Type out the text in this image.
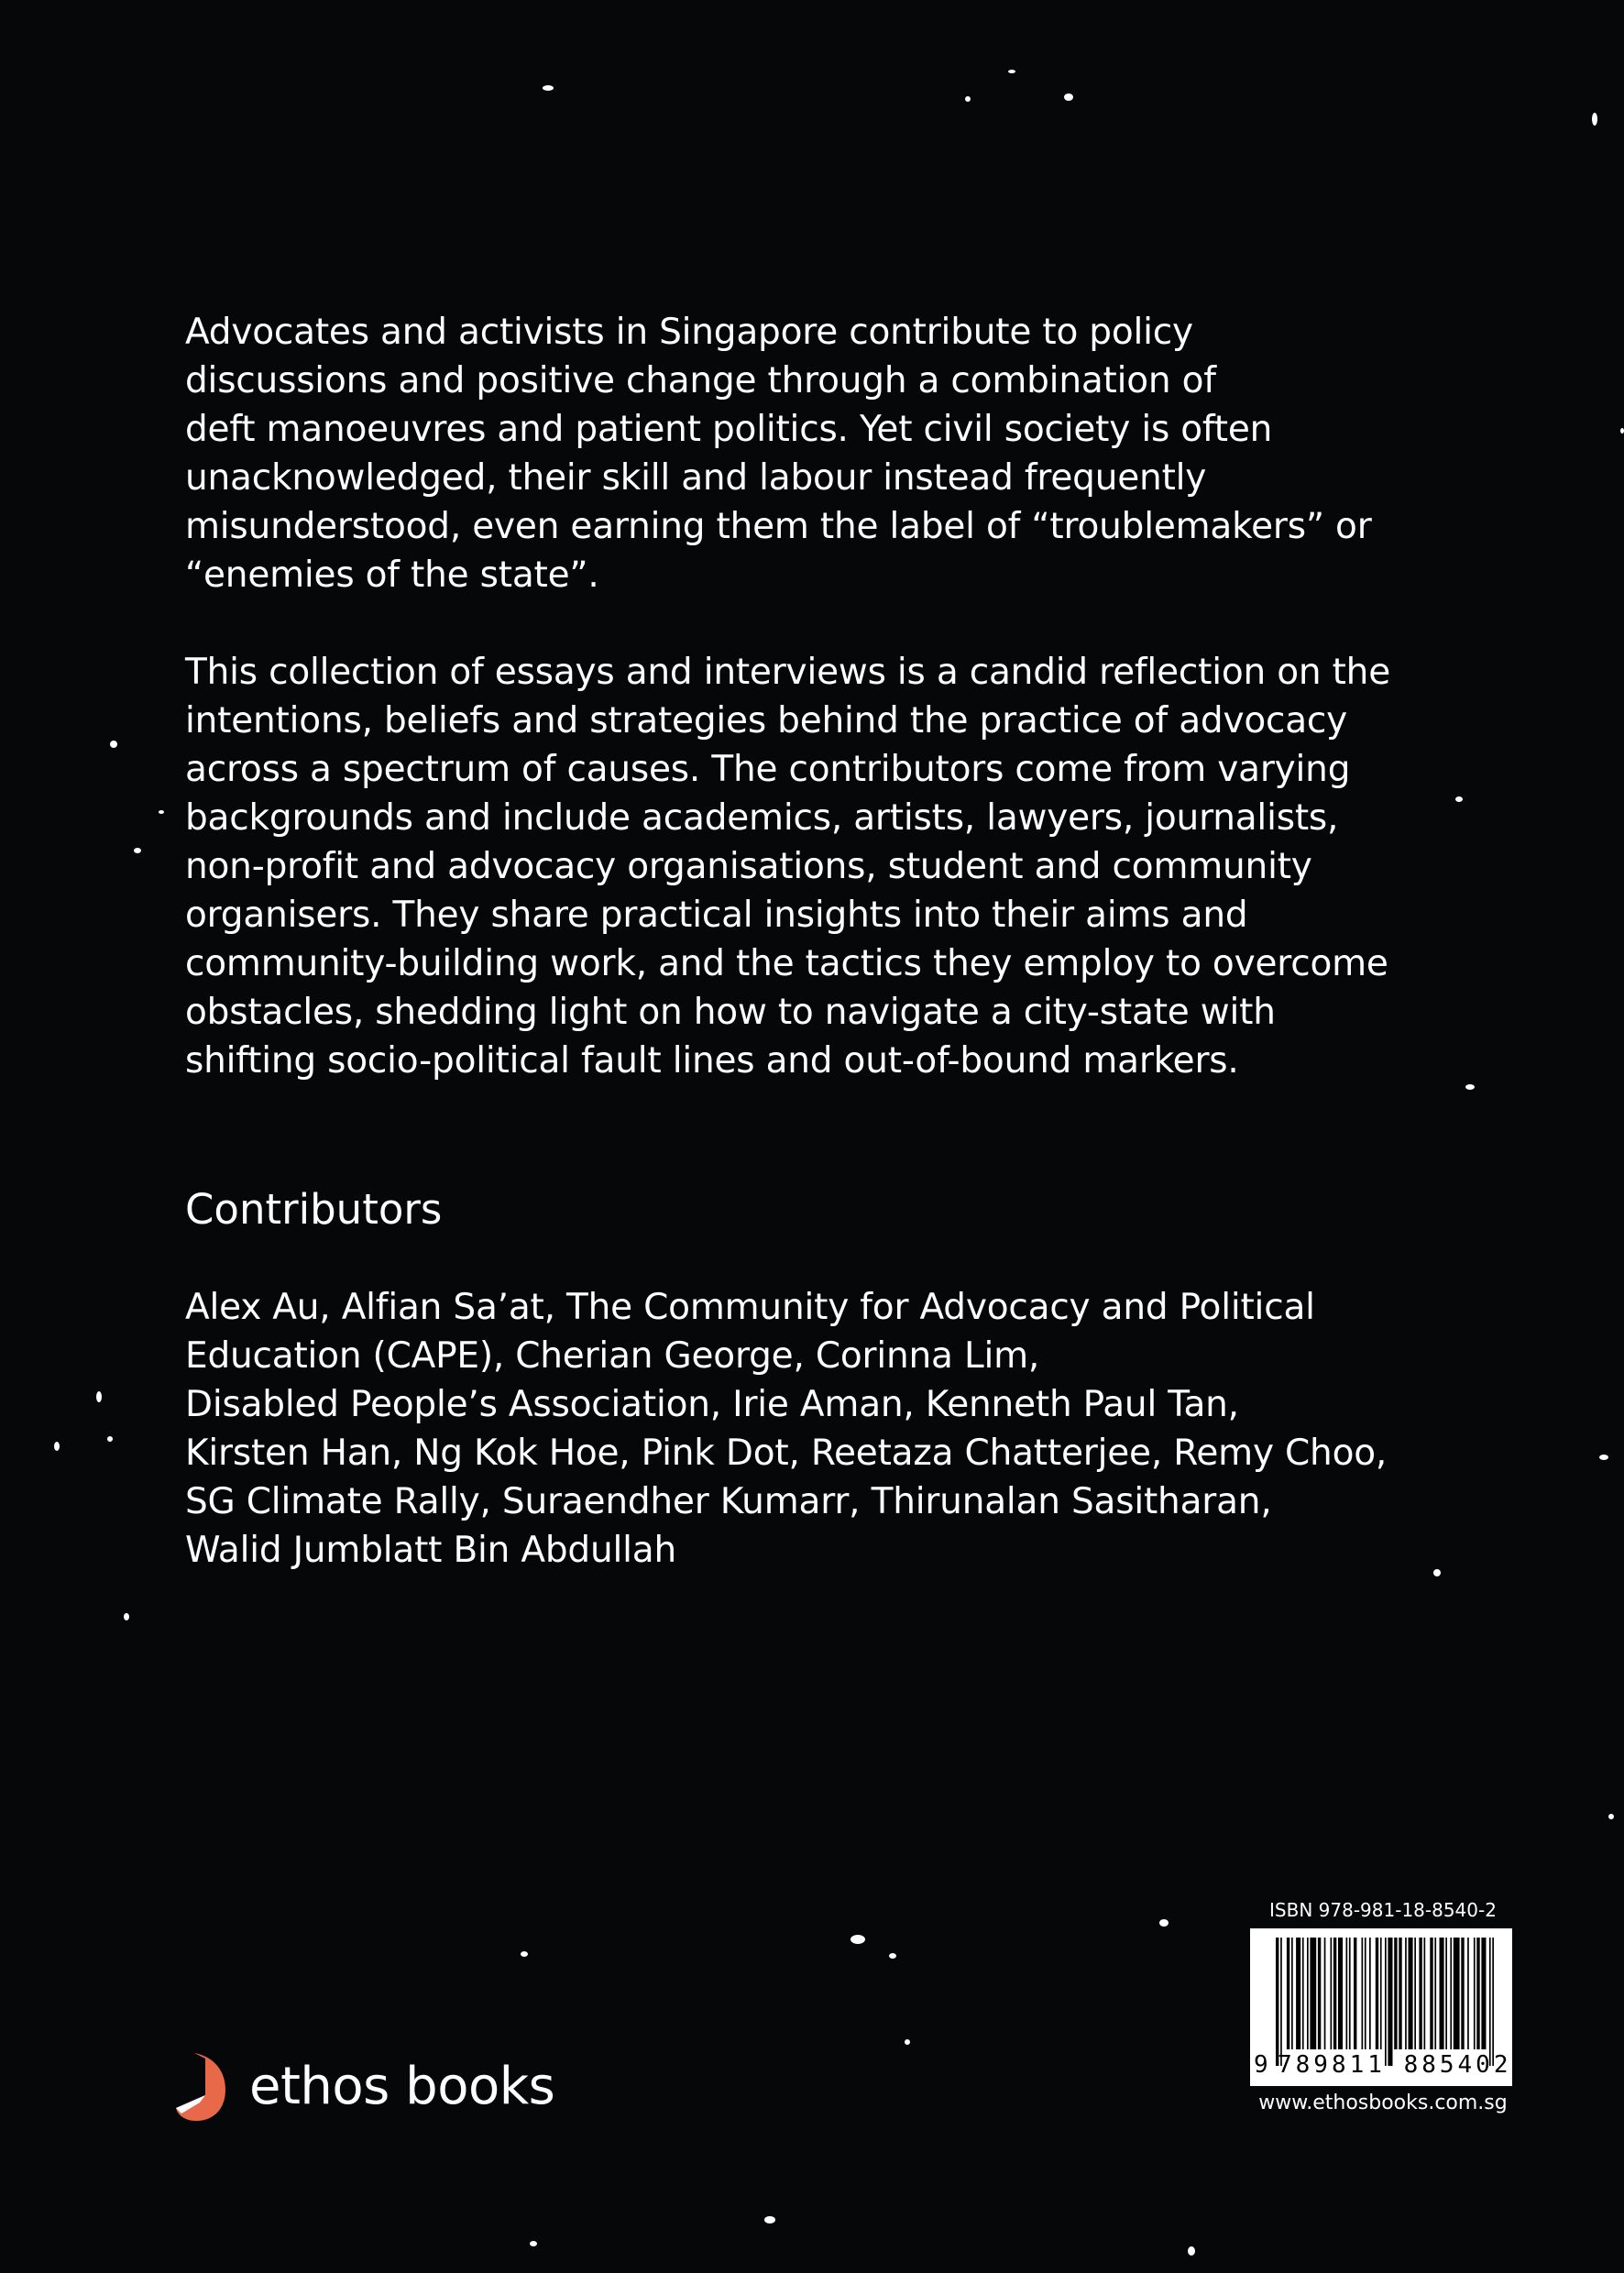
Advocates and activists in Singapore contribute to policy
discussions and positive change through a combination of
deft manoeuvres and patient politics. Yet civil society is often
unacknowledged, their skill and labour instead frequently
misunderstood, even earning them the label of “troublemakers” or
“enemies of the state”.

This collection of essays and interviews is a candid reflection on the
intentions, beliefs and strategies behind the practice of advocacy
across a spectrum of causes. The contributors come from varying
backgrounds and include academics, artists, lawyers, journalists,
non-profit and advocacy organisations, student and community
organisers. They share practical insights into their aims and
community-building work, and the tactics they employ to overcome
obstacles, shedding light on how to navigate a city-state with
shifting socio-political fault lines and out-of-bound markers.

Contributors

Alex Au, Alfian Sa’at, The Community for Advocacy and Political
Education (CAPE), Cherian George, Corinna Lim,
Disabled People’s Association, Irie Aman, Kenneth Paul Tan,
Kirsten Han, Ng Kok Hoe, Pink Dot, Reetaza Chatterjee, Remy Choo,
SG Climate Rally, Suraendher Kumarr, Thirunalan Sasitharan,
Walid Jumblatt Bin Abdullah

ethos books
ISBN 978-981-18-8540-2
9 789811 885402
www.ethosbooks.com.sg
